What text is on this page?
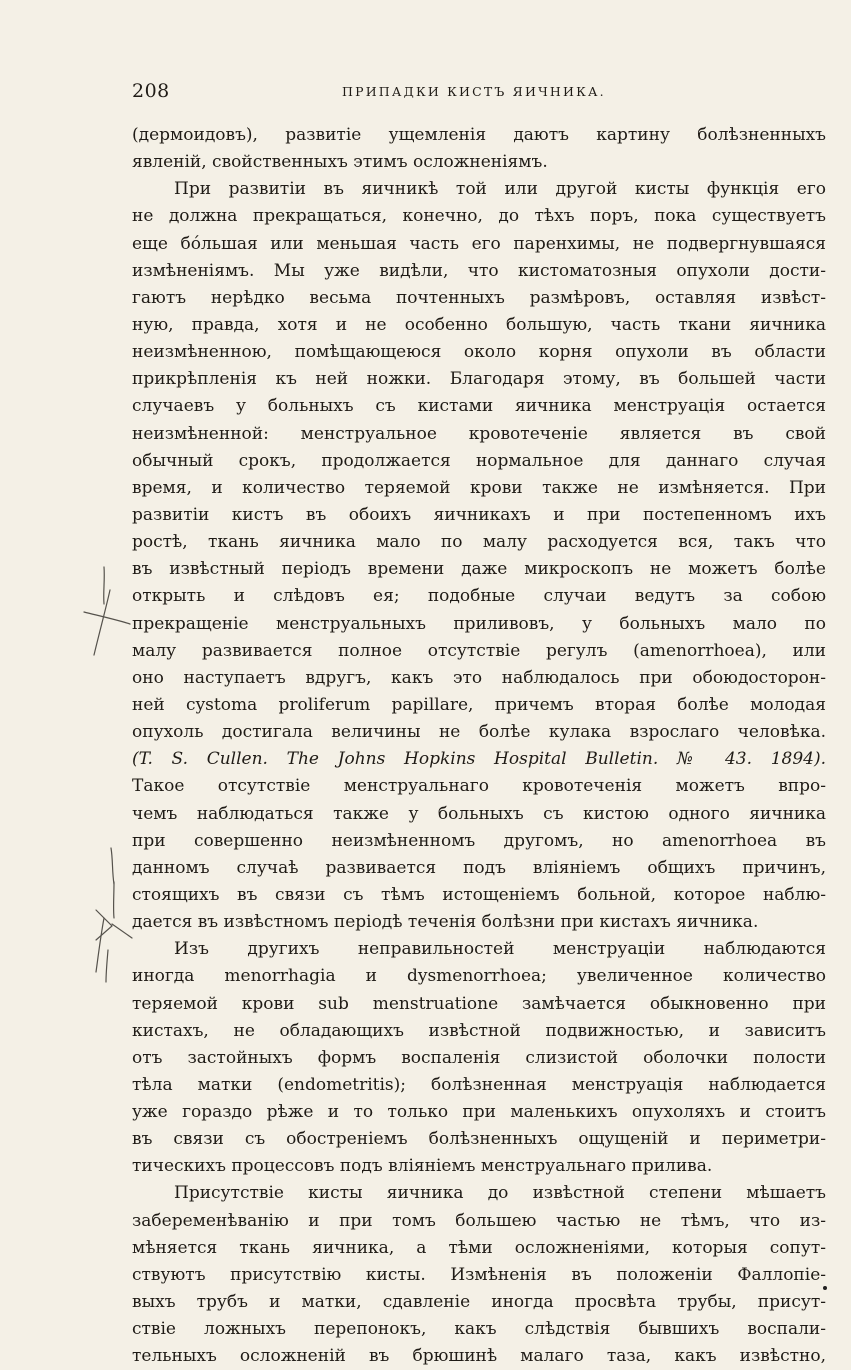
208	ПРИПАДКИ КИСТЪ ЯИЧНИКА.
(дермоидовъ), развитіе ущемленія даютъ картину болѣзненныхъ
явленій, свойственныхъ этимъ осложненіямъ.
При развитіи въ яичникѣ той или другой кисты функція его
не должна прекращаться, конечно, до тѣхъ поръ, пока существуетъ
еще бóльшая или меньшая часть его паренхимы, не подвергнувшаяся
измѣненіямъ. Мы уже видѣли, что кистоматозныя опухоли дости-
гаютъ нерѣдко весьма почтенныхъ размѣровъ, оставляя извѣст-
ную, правда, хотя и не особенно большую, часть ткани яичника
неизмѣненною, помѣщающеюся около корня опухоли въ области
прикрѣпленія къ ней ножки. Благодаря этому, въ большей части
случаевъ у больныхъ съ кистами яичника менструація остается
неизмѣненной: менструальное кровотеченіе является въ свой
обычный срокъ, продолжается нормальное для даннаго случая
время, и количество теряемой крови также не измѣняется. При
развитіи кистъ въ обоихъ яичникахъ и при постепенномъ ихъ
ростѣ, ткань яичника мало по малу расходуется вся, такъ что
въ извѣстный періодъ времени даже микроскопъ не можетъ болѣе
открыть и слѣдовъ ея; подобные случаи ведутъ за собою
прекращеніе менструальныхъ приливовъ, у больныхъ мало по
малу развивается полное отсутствіе регулъ (amenorrhoea), или
оно наступаетъ вдругъ, какъ это наблюдалось при обоюдосторон-
ней cystoma proliferum papillare, причемъ вторая болѣе молодая
опухоль достигала величины не болѣе кулака взрослаго человѣка.
(T. S. Cullen. The Johns Hopkins Hospital Bulletin. № 43. 1894).
Такое отсутствіе менструальнаго кровотеченія можетъ впро-
чемъ наблюдаться также у больныхъ съ кистою одного яичника
при совершенно неизмѣненномъ другомъ, но amenorrhoea въ
данномъ случаѣ развивается подъ вліяніемъ общихъ причинъ,
стоящихъ въ связи съ тѣмъ истощеніемъ больной, которое наблю-
дается въ извѣстномъ періодѣ теченія болѣзни при кистахъ яичника.
Изъ другихъ неправильностей менструаціи наблюдаются
иногда menorrhagia и dysmenorrhoea; увеличенное количество
теряемой крови sub menstruatione замѣчается обыкновенно при
кистахъ, не обладающихъ извѣстной подвижностью, и зависитъ
отъ застойныхъ формъ воспаленія слизистой оболочки полости
тѣла матки (endometritis); болѣзненная менструація наблюдается
уже гораздо рѣже и то только при маленькихъ опухоляхъ и стоитъ
въ связи съ обостреніемъ болѣзненныхъ ощущеній и периметри-
тическихъ процессовъ подъ вліяніемъ менструальнаго прилива.
Присутствіе кисты яичника до извѣстной степени мѣшаетъ
забеременѣванію и при томъ большею частью не тѣмъ, что из-
мѣняется ткань яичника, а тѣми осложненіями, которыя сопут-
ствуютъ присутствію кисты. Измѣненія въ положеніи Фаллопіе-
выхъ трубъ и матки, сдавленіе иногда просвѣта трубы, присут-
ствіе ложныхъ перепонокъ, какъ слѣдствія бывшихъ воспали-
тельныхъ осложненій въ брюшинѣ малаго таза, какъ извѣстно,
